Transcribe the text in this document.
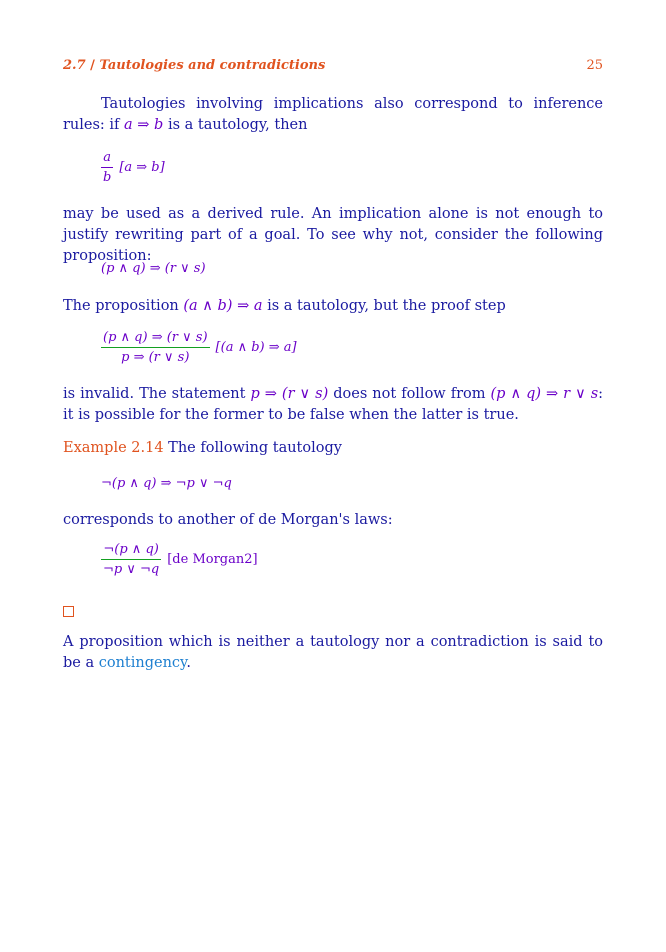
2.7 / Tautologies and contradictions	25

Tautologies involving implications also correspond to inference rules: if a ⇒ b is a tautology, then

$\frac{a}{b} [a$ ⇒ b]

may be used as a derived rule. An implication alone is not enough to justify rewriting part of a goal. To see why not, consider the following proposition:

(p ∧ q) ⇒ (r ∨ s)

The proposition (a ∧ b) ⇒ a is a tautology, but the proof step

$\frac{(p \wedge q) \Rightarrow (r \vee s)}{p \Rightarrow (r \vee s)} [(a$ ∧ b) ⇒ a]

is invalid. The statement p ⇒ (r ∨ s) does not follow from (p ∧ q) ⇒ r ∨ s: it is possible for the former to be false when the latter is true.

Example 2.14 The following tautology

¬(p ∧ q) ⇒ ¬p ∨ ¬q

corresponds to another of de Morgan's laws:

$\frac{\neg(p \wedge q)}{\neg p \vee \neg q} [de$ Morgan2]

A proposition which is neither a tautology nor a contradiction is said to be a contingency.
